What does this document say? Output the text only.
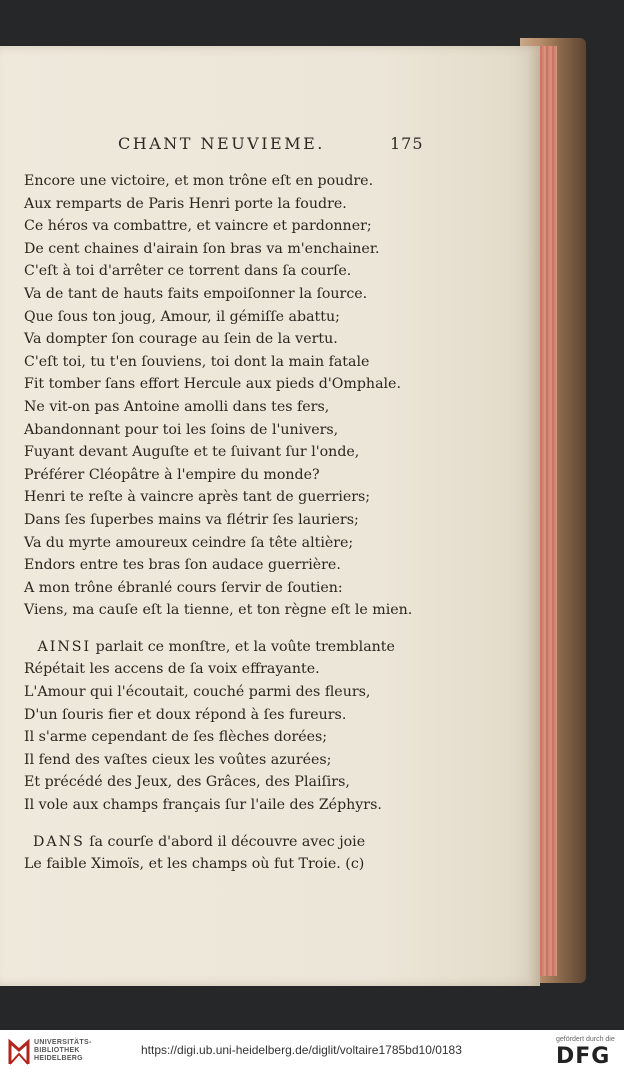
CHANT NEUVIEME.	175
Encore une victoire, et mon trône eſt en poudre.
Aux remparts de Paris Henri porte la foudre.
Ce héros va combattre, et vaincre et pardonner;
De cent chaines d'airain ſon bras va m'enchainer.
C'eſt à toi d'arrêter ce torrent dans ſa courſe.
Va de tant de hauts faits empoiſonner la ſource.
Que ſous ton joug, Amour, il gémiſſe abattu;
Va dompter ſon courage au ſein de la vertu.
C'eſt toi, tu t'en ſouviens, toi dont la main fatale
Fit tomber ſans effort Hercule aux pieds d'Omphale.
Ne vit-on pas Antoine amolli dans tes fers,
Abandonnant pour toi les ſoins de l'univers,
Fuyant devant Auguſte et te ſuivant ſur l'onde,
Préférer Cléopâtre à l'empire du monde?
Henri te reſte à vaincre après tant de guerriers;
Dans ſes ſuperbes mains va flétrir ſes lauriers;
Va du myrte amoureux ceindre ſa tête altière;
Endors entre tes bras ſon audace guerrière.
A mon trône ébranlé cours ſervir de ſoutien:
Viens, ma cauſe eſt la tienne, et ton règne eſt le mien.
AINSI parlait ce monſtre, et la voûte tremblante
Répétait les accens de ſa voix effrayante.
L'Amour qui l'écoutait, couché parmi des fleurs,
D'un ſouris fier et doux répond à ſes fureurs.
Il s'arme cependant de ſes flèches dorées;
Il fend des vaſtes cieux les voûtes azurées;
Et précédé des Jeux, des Grâces, des Plaiſirs,
Il vole aux champs français ſur l'aile des Zéphyrs.
DANS ſa courſe d'abord il découvre avec joie
Le faible Ximoïs, et les champs où fut Troie. (c)
UNIVERSITÄTS-
BIBLIOTHEK
HEIDELBERG
https://digi.ub.uni-heidelberg.de/diglit/voltaire1785bd10/0183
gefördert durch die
DFG
